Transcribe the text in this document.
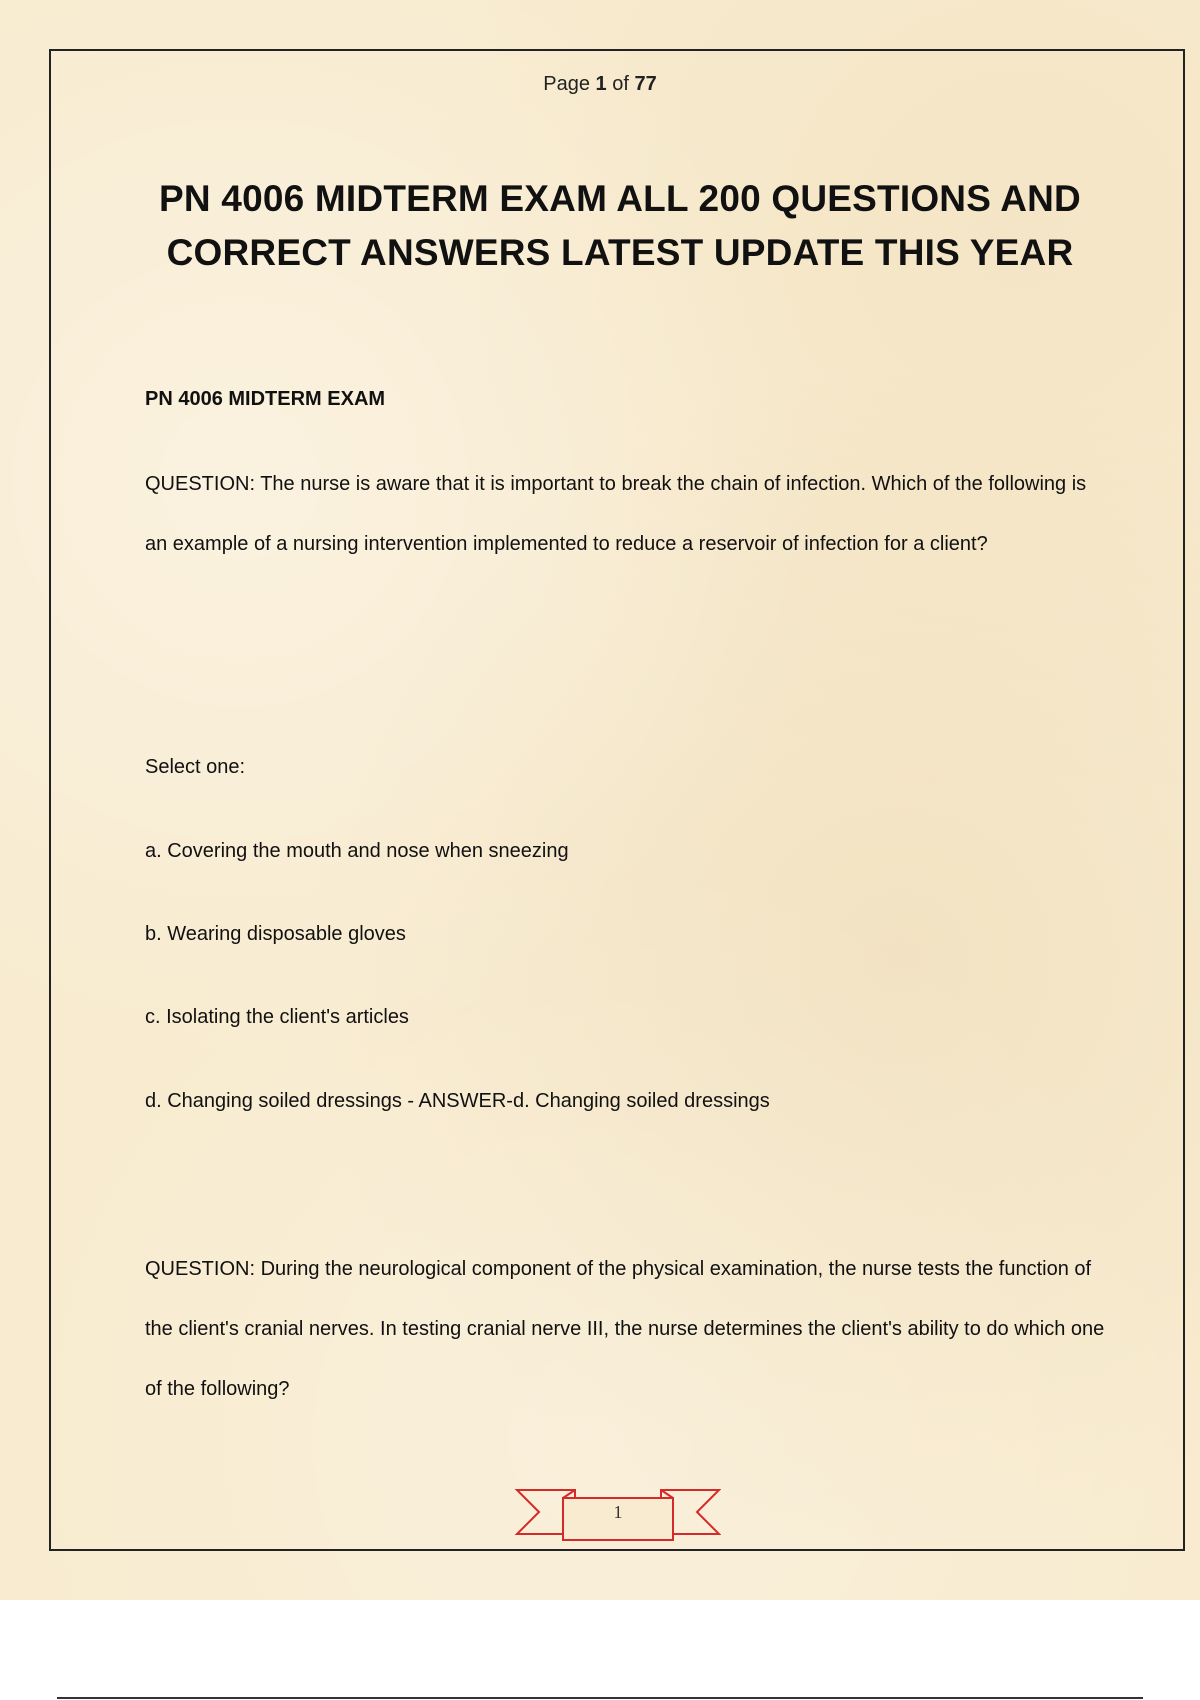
Page 1 of 77
PN 4006 MIDTERM EXAM ALL 200 QUESTIONS AND CORRECT ANSWERS LATEST UPDATE THIS YEAR
PN 4006 MIDTERM EXAM
QUESTION: The nurse is aware that it is important to break the chain of infection. Which of the following is an example of a nursing intervention implemented to reduce a reservoir of infection for a client?
Select one:
a. Covering the mouth and nose when sneezing
b. Wearing disposable gloves
c. Isolating the client's articles
d. Changing soiled dressings - ANSWER-d. Changing soiled dressings
QUESTION: During the neurological component of the physical examination, the nurse tests the function of the client's cranial nerves. In testing cranial nerve III, the nurse determines the client's ability to do which one of the following?
1
